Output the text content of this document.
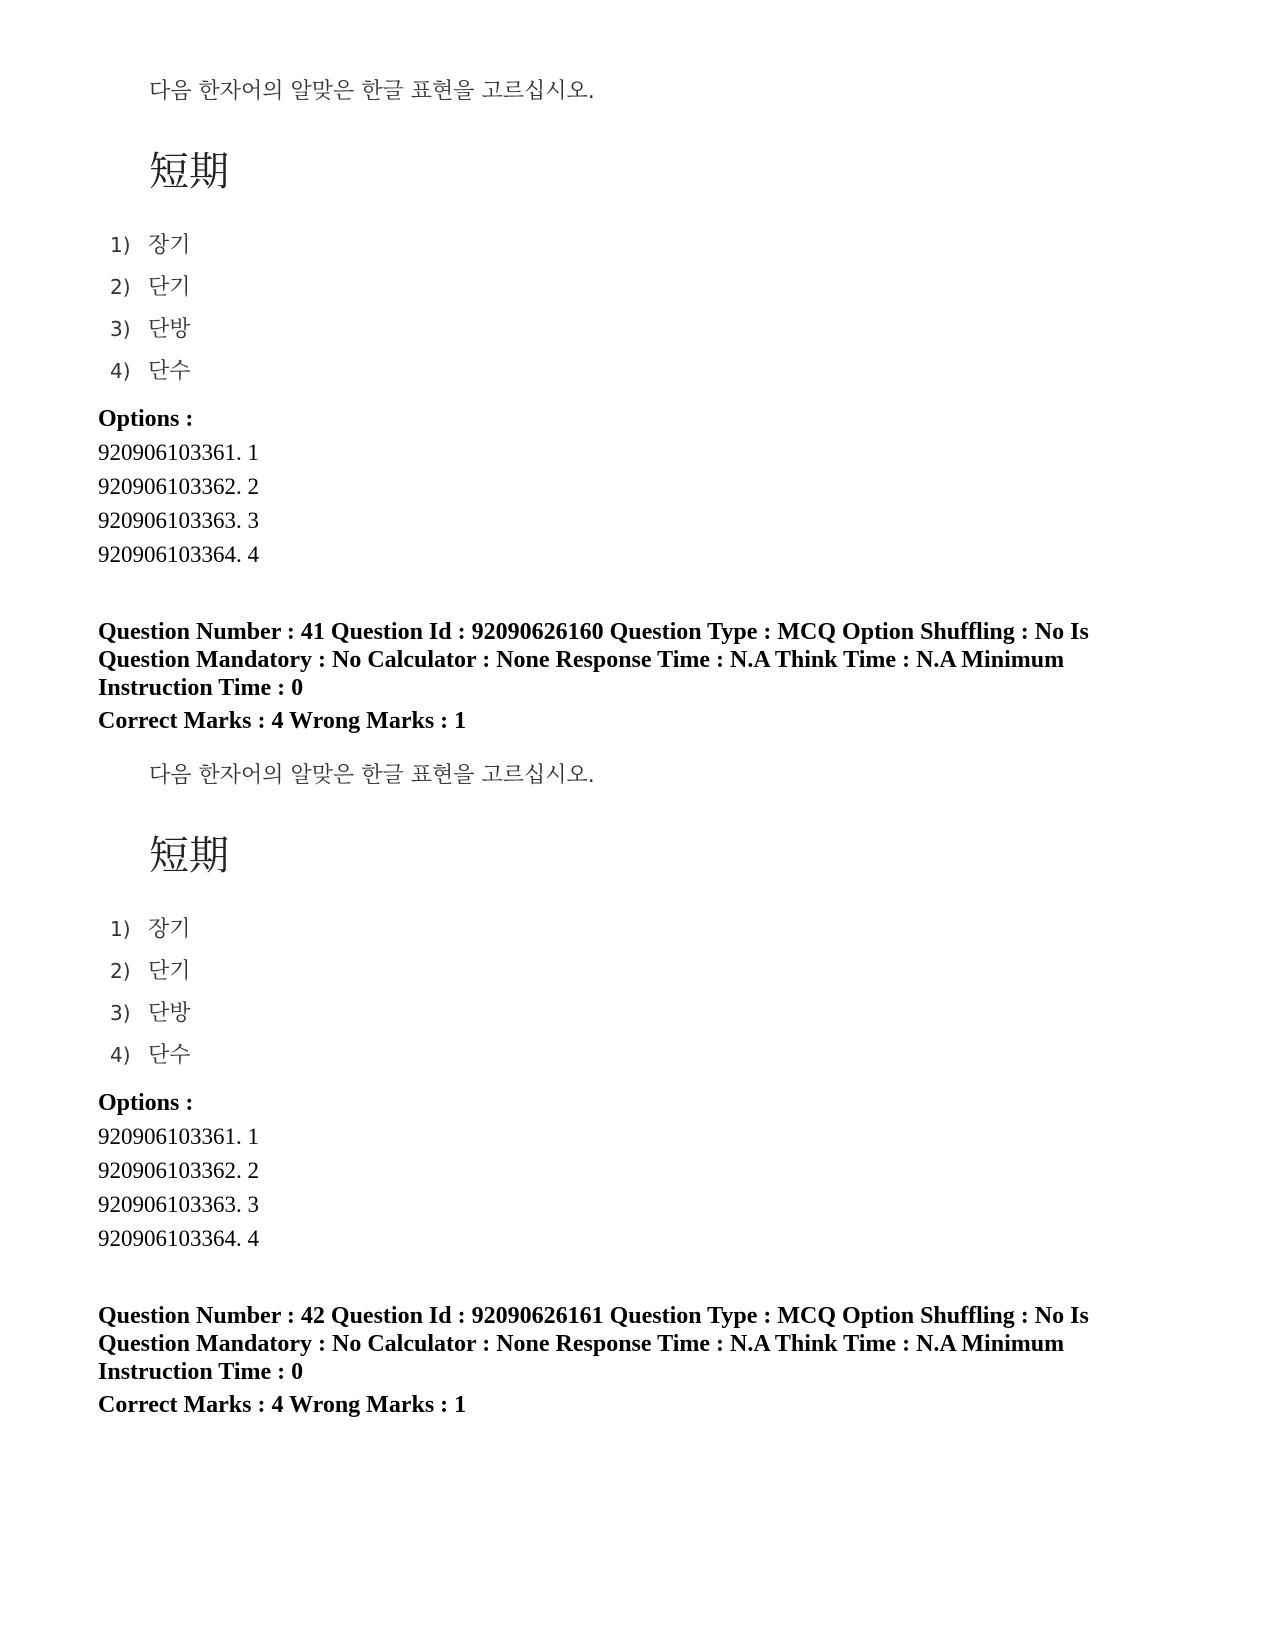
다음 한자어의 알맞은 한글 표현을 고르십시오.
短期
1) 장기
2) 단기
3) 단방
4) 단수
Options :
920906103361. 1
920906103362. 2
920906103363. 3
920906103364. 4
Question Number : 41 Question Id : 92090626160 Question Type : MCQ Option Shuffling : No Is Question Mandatory : No Calculator : None Response Time : N.A Think Time : N.A Minimum Instruction Time : 0
Correct Marks : 4 Wrong Marks : 1
다음 한자어의 알맞은 한글 표현을 고르십시오.
短期
1) 장기
2) 단기
3) 단방
4) 단수
Options :
920906103361. 1
920906103362. 2
920906103363. 3
920906103364. 4
Question Number : 42 Question Id : 92090626161 Question Type : MCQ Option Shuffling : No Is Question Mandatory : No Calculator : None Response Time : N.A Think Time : N.A Minimum Instruction Time : 0
Correct Marks : 4 Wrong Marks : 1
